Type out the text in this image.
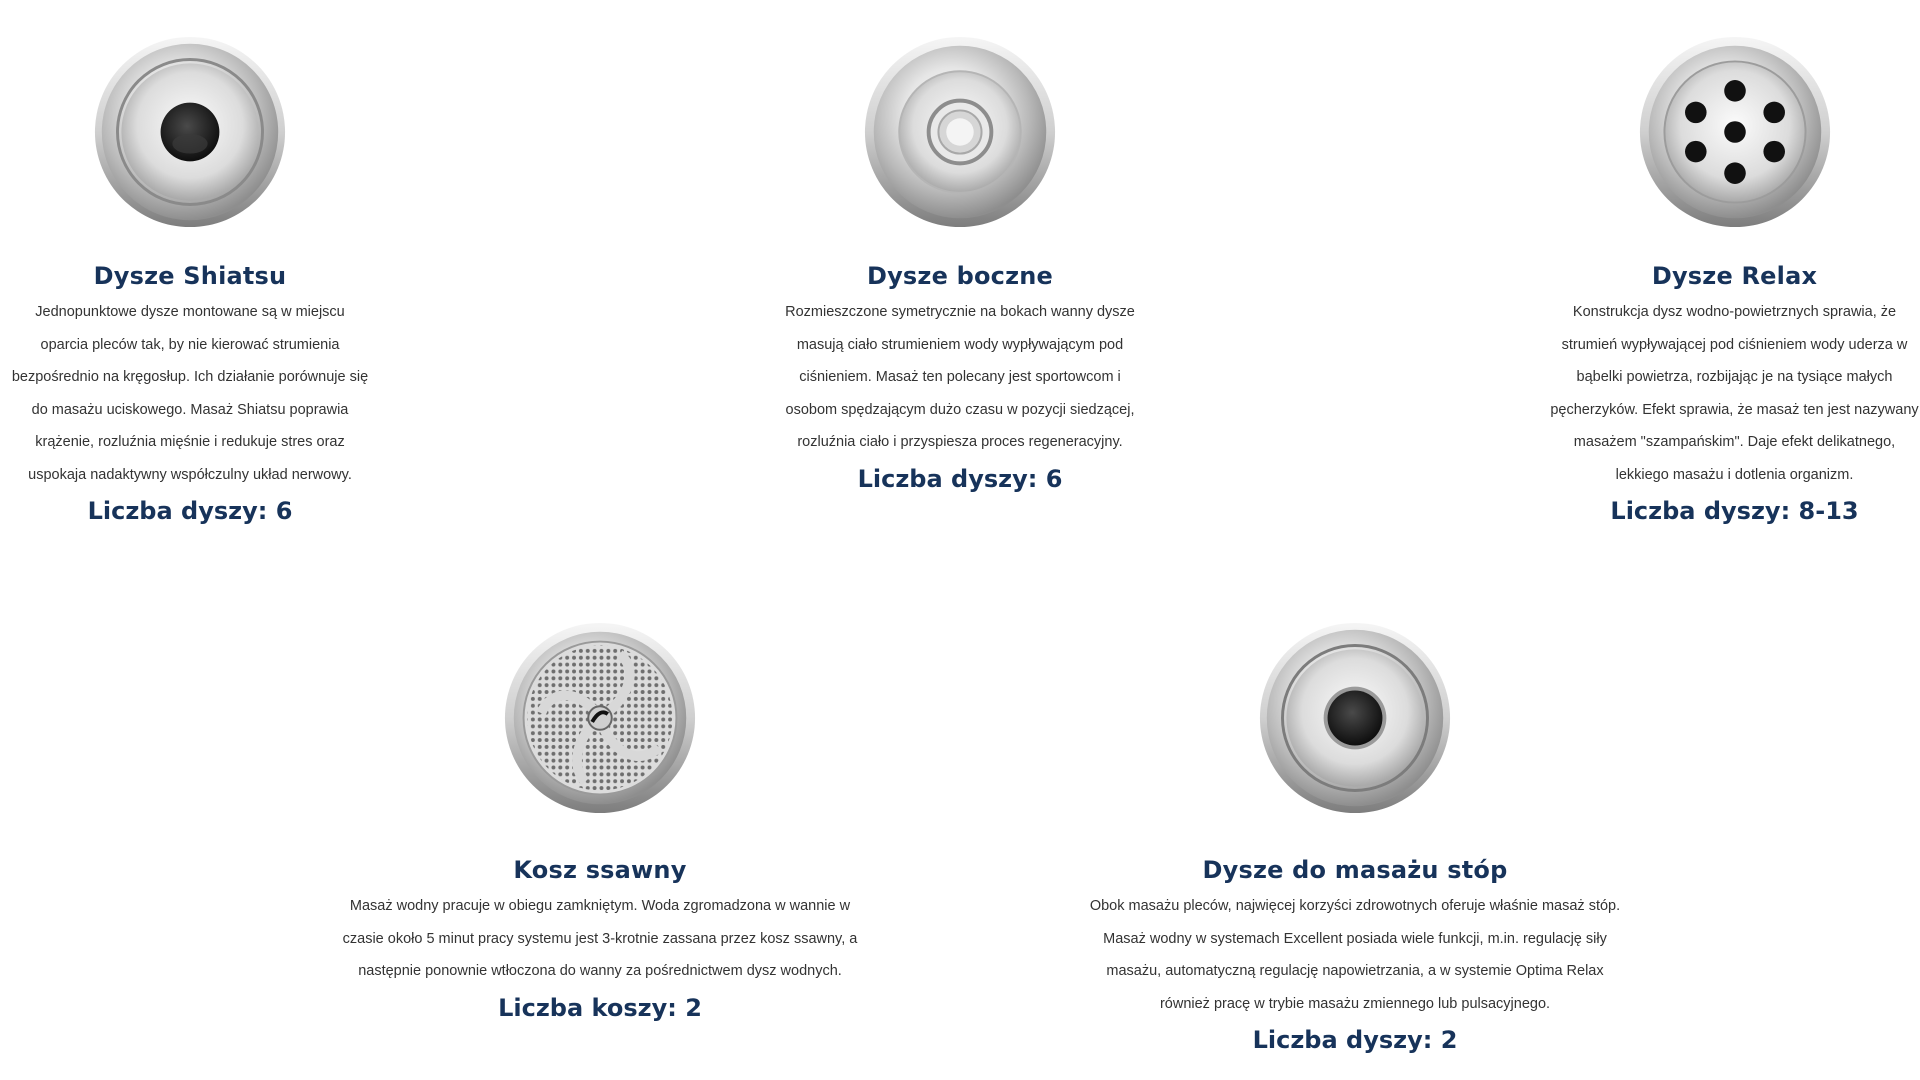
Dysze Shiatsu

Jednopunktowe dysze montowane są w miejscu oparcia pleców tak, by nie kierować strumienia bezpośrednio na kręgosłup. Ich działanie porównuje się do masażu uciskowego. Masaż Shiatsu poprawia krążenie, rozluźnia mięśnie i redukuje stres oraz uspokaja nadaktywny współczulny układ nerwowy.

Liczba dyszy: 6

Dysze boczne

Rozmieszczone symetrycznie na bokach wanny dysze masują ciało strumieniem wody wypływającym pod ciśnieniem. Masaż ten polecany jest sportowcom i osobom spędzającym dużo czasu w pozycji siedzącej, rozluźnia ciało i przyspiesza proces regeneracyjny.

Liczba dyszy: 6

Dysze Relax

Konstrukcja dysz wodno-powietrznych sprawia, że strumień wypływającej pod ciśnieniem wody uderza w bąbelki powietrza, rozbijając je na tysiące małych pęcherzyków. Efekt sprawia, że masaż ten jest nazywany masażem "szampańskim". Daje efekt delikatnego, lekkiego masażu i dotlenia organizm.

Liczba dyszy: 8-13

Kosz ssawny

Masaż wodny pracuje w obiegu zamkniętym. Woda zgromadzona w wannie w czasie około 5 minut pracy systemu jest 3-krotnie zassana przez kosz ssawny, a następnie ponownie wtłoczona do wanny za pośrednictwem dysz wodnych.

Liczba koszy: 2

Dysze do masażu stóp

Obok masażu pleców, najwięcej korzyści zdrowotnych oferuje właśnie masaż stóp. Masaż wodny w systemach Excellent posiada wiele funkcji, m.in. regulację siły masażu, automatyczną regulację napowietrzania, a w systemie Optima Relax również pracę w trybie masażu zmiennego lub pulsacyjnego.

Liczba dyszy: 2
